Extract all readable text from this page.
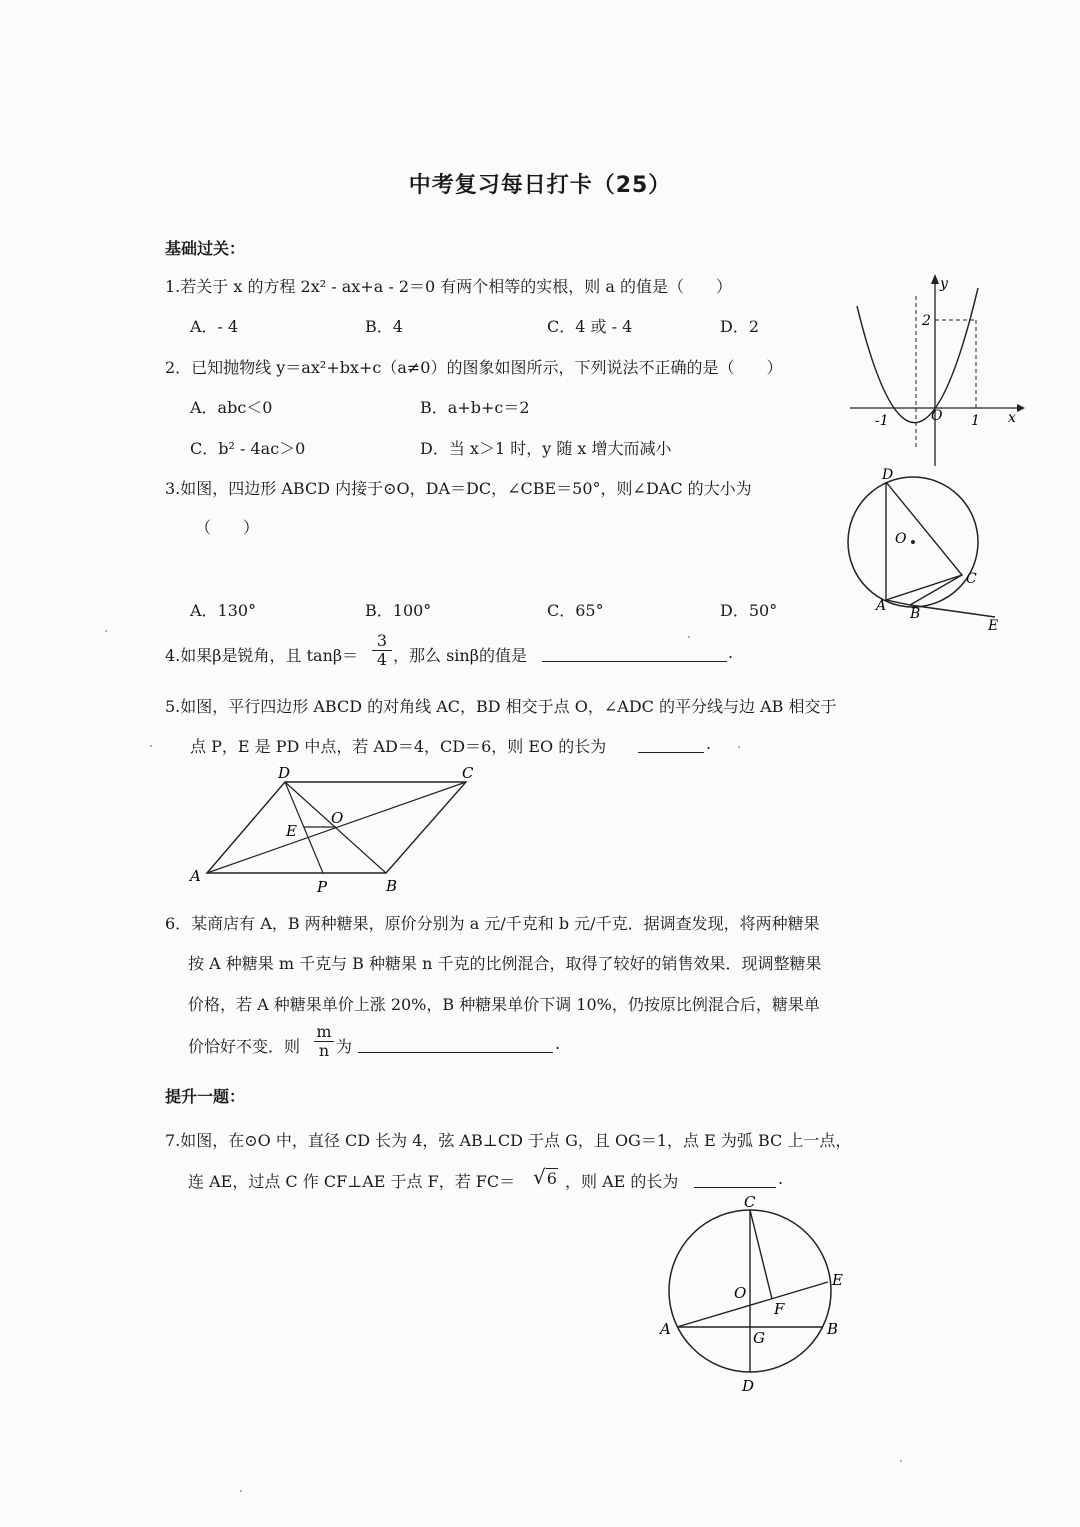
中考复习每日打卡（25）
基础过关：
1.若关于 x 的方程 2x² - ax+a - 2＝0 有两个相等的实根，则 a 的值是（　　）
A．- 4	B．4	C．4 或 - 4	D．2
2．已知抛物线 y＝ax²+bx+c（a≠0）的图象如图所示，下列说法不正确的是（　　）
A．abc＜0	B．a+b+c＝2
C．b² - 4ac＞0	D．当 x＞1 时，y 随 x 增大而减小
3.如图，四边形 ABCD 内接于⊙O，DA＝DC，∠CBE＝50°，则∠DAC 的大小为
（　　）
A．130°	B．100°	C．65°	D．50°
4.如果β是锐角，且 $\tan\beta= \frac{3}{4}$ ，那么 sinβ的值是	.
5.如图，平行四边形 ABCD 的对角线 AC，BD 相交于点 O，∠ADC 的平分线与边 AB 相交于
点 P，E 是 PD 中点，若 AD＝4，CD＝6，则 EO 的长为	.
6．某商店有 A，B 两种糖果，原价分别为 a 元/千克和 b 元/千克．据调查发现，将两种糖果
按 A 种糖果 m 千克与 B 种糖果 n 千克的比例混合，取得了较好的销售效果．现调整糖果
价格，若 A 种糖果单价上涨 20%，B 种糖果单价下调 10%，仍按原比例混合后，糖果单
价恰好不变．则 $\frac{m}{n}$ 为	.
提升一题：
7.如图，在⊙O 中，直径 CD 长为 4，弦 AB⊥CD 于点 G，且 OG＝1，点 E 为弧 BC 上一点，
连 AE，过点 C 作 CF⊥AE 于点 F，若 FC＝ √6 ，则 AE 的长为	.
y
x
-1	1
2
O
D
O
C
A B
E
D	C
E
O
A
P	B
C
E
O
F
A	G	B
D
